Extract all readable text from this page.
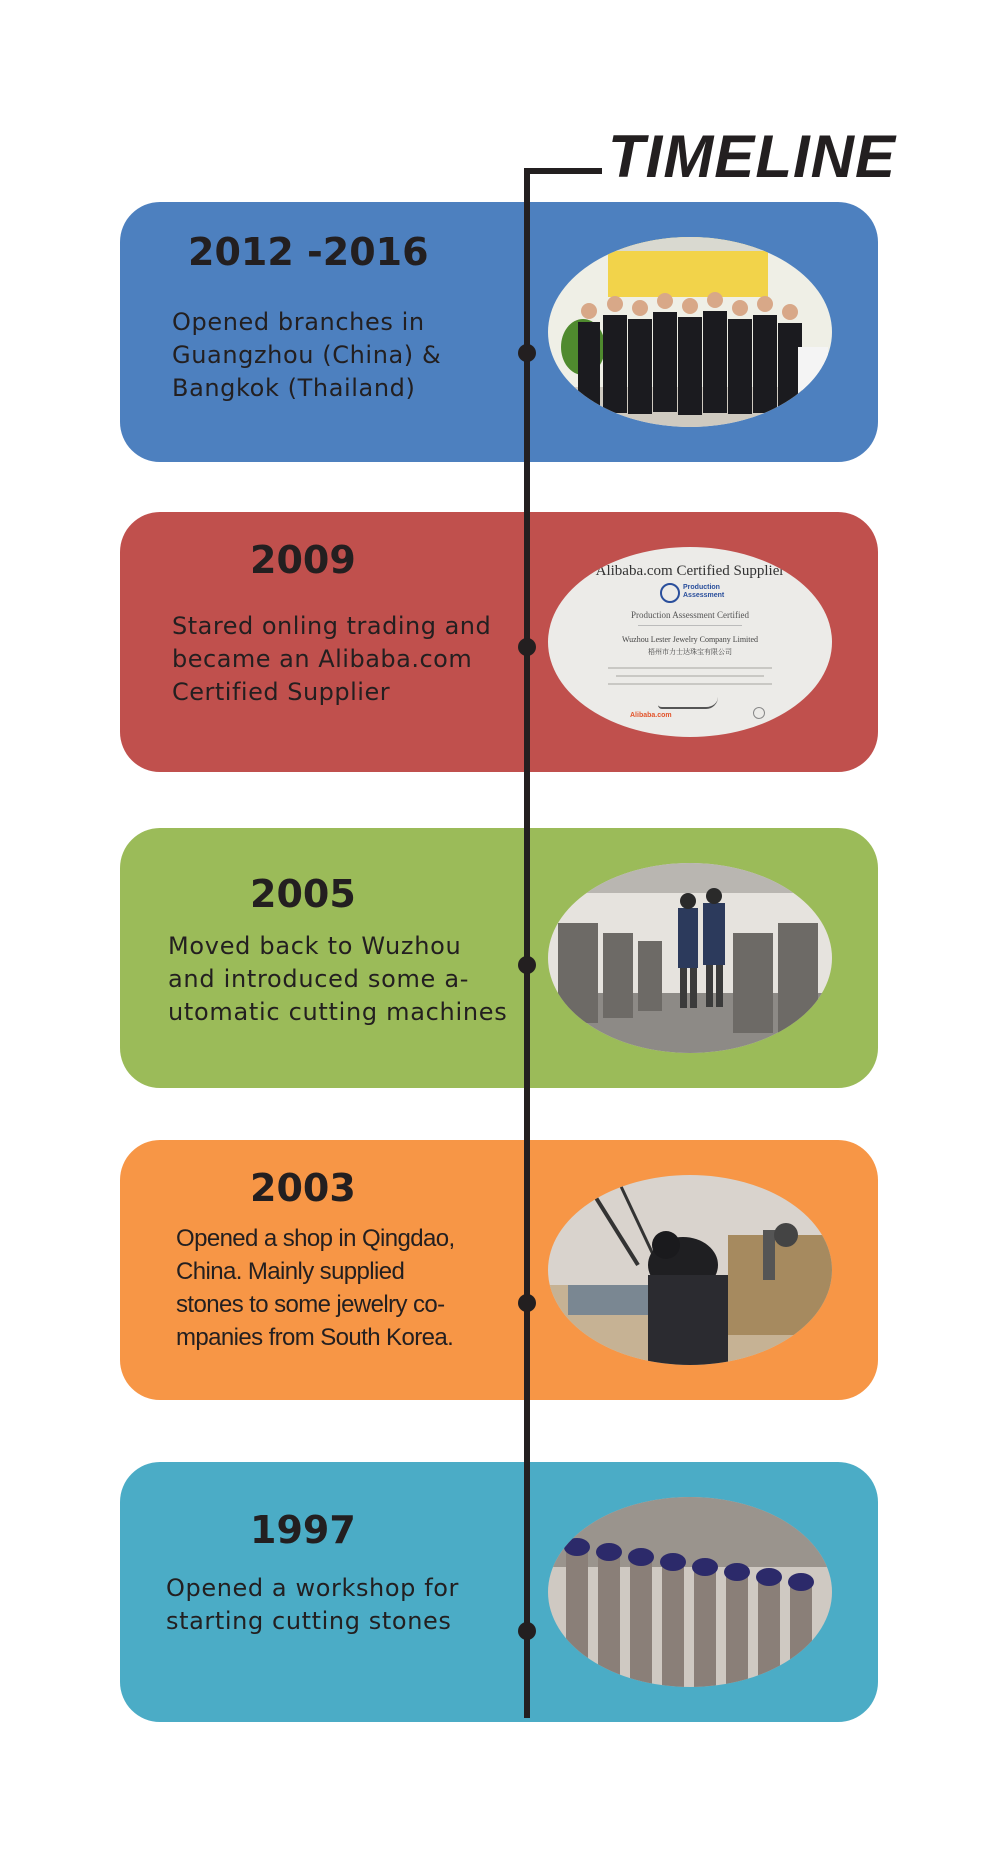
TIMELINE
2012 -2016
Opened branches in
Guangzhou (China) &
Bangkok (Thailand)
2009
Stared onling trading and
became an Alibaba.com
Certified Supplier
Alibaba.com Certified Supplier
Production
Assessment
Production Assessment Certified
Wuzhou Lester Jewelry Company Limited
梧州市力士达珠宝有限公司
Alibaba.com
2005
Moved back to Wuzhou
and introduced some a-
utomatic cutting machines
2003
Opened a shop in Qingdao,
China. Mainly supplied
stones to some jewelry co-
mpanies from South Korea.
1997
Opened a workshop for
starting cutting stones
